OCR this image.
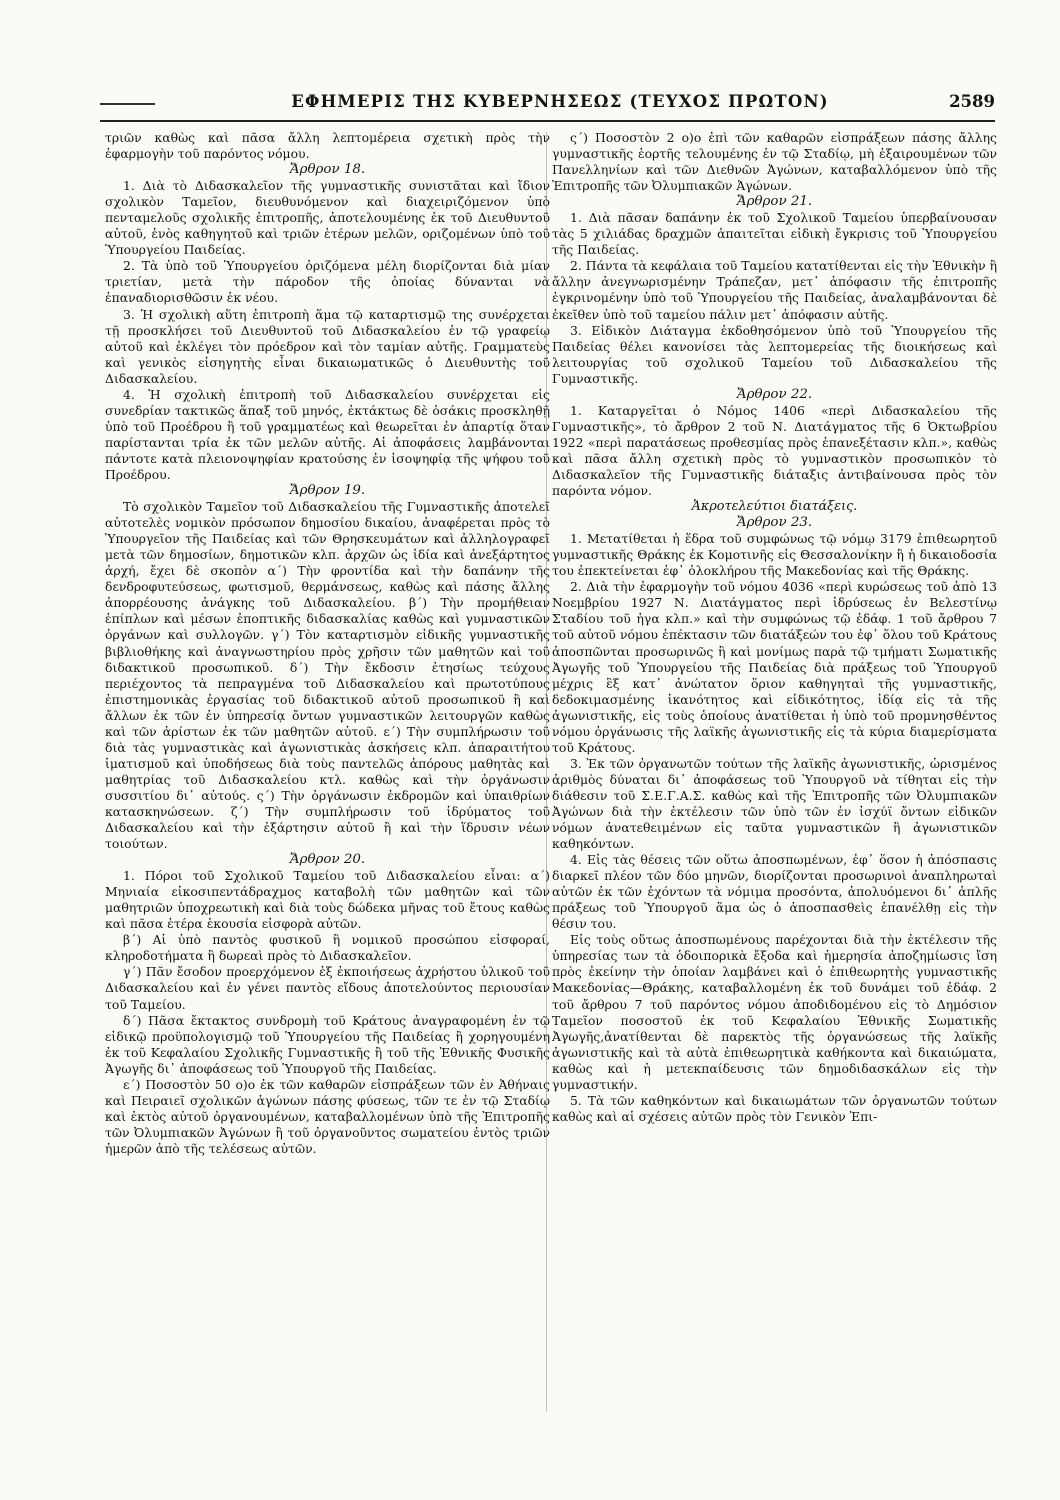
ΕΦΗΜΕΡΙΣ ΤΗΣ ΚΥΒΕΡΝΗΣΕΩΣ (ΤΕΥΧΟΣ ΠΡΩΤΟΝ)	2589

τριῶν καθὼς καὶ πᾶσα ἄλλη λεπτομέρεια σχετικὴ πρὸς τὴν ἐφαρμογὴν τοῦ παρόντος νόμου.

Ἄρθρον 18.

1. Διὰ τὸ Διδασκαλεῖον τῆς γυμναστικῆς συνιστᾶται καὶ ἴδιον σχολικὸν Ταμεῖον, διευθυνόμενον καὶ διαχειριζόμενον ὑπὸ πενταμελοῦς σχολικῆς ἐπιτροπῆς, ἀποτελουμένης ἐκ τοῦ Διευθυντοῦ αὐτοῦ, ἑνὸς καθηγητοῦ καὶ τριῶν ἑτέρων μελῶν, οριζομένων ὑπὸ τοῦ Ὑπουργείου Παιδείας.

2. Τὰ ὑπὸ τοῦ Ὑπουργείου ὁριζόμενα μέλη διορίζονται διὰ μίαν τριετίαν, μετὰ τὴν πάροδον τῆς ὁποίας δύνανται νὰ ἐπαναδιορισθῶσιν ἐκ νέου.

3. Ἡ σχολικὴ αὕτη ἐπιτροπὴ ἅμα τῷ καταρτισμῷ της συνέρχεται τῇ προσκλήσει τοῦ Διευθυντοῦ τοῦ Διδασκαλείου ἐν τῷ γραφείῳ αὐτοῦ καὶ ἐκλέγει τὸν πρόεδρον καὶ τὸν ταμίαν αὐτῆς. Γραμματεὺς καὶ γενικὸς εἰσηγητὴς εἶναι δικαιωματικῶς ὁ Διευθυντὴς τοῦ Διδασκαλείου.

4. Ἡ σχολικὴ ἐπιτροπὴ τοῦ Διδασκαλείου συνέρχεται εἰς συνεδρίαν τακτικῶς ἅπαξ τοῦ μηνός, ἐκτάκτως δὲ ὁσάκις προσκληθῇ ὑπὸ τοῦ Προέδρου ἢ τοῦ γραμματέως καὶ θεωρεῖται ἐν ἀπαρτίᾳ ὅταν παρίστανται τρία ἐκ τῶν μελῶν αὐτῆς. Αἱ ἀποφάσεις λαμβάνονται πάντοτε κατὰ πλειονοψηφίαν κρατούσης ἐν ἰσοψηφίᾳ τῆς ψήφου τοῦ Προέδρου.

Ἄρθρον 19.

Τὸ σχολικὸν Ταμεῖον τοῦ Διδασκαλείου τῆς Γυμναστικῆς ἀποτελεῖ αὐτοτελὲς νομικὸν πρόσωπον δημοσίου δικαίου, ἀναφέρεται πρὸς τὸ Ὑπουργεῖον τῆς Παιδείας καὶ τῶν Θρησκευμάτων καὶ ἀλληλογραφεῖ μετὰ τῶν δημοσίων, δημοτικῶν κλπ. ἀρχῶν ὡς ἰδία καὶ ἀνεξάρτητος ἀρχή, ἔχει δὲ σκοπὸν α΄) Τὴν φροντίδα καὶ τὴν δαπάνην τῆς δενδροφυτεύσεως, φωτισμοῦ, θερμάνσεως, καθὼς καὶ πάσης ἄλλης ἀπορρέουσης ἀνάγκης τοῦ Διδασκαλείου. β΄) Τὴν προμήθειαν ἐπίπλων καὶ μέσων ἐποπτικῆς διδασκαλίας καθὼς καὶ γυμναστικῶν ὀργάνων καὶ συλλογῶν. γ΄) Τὸν καταρτισμὸν εἰδικῆς γυμναστικῆς βιβλιοθήκης καὶ ἀναγνωστηρίου πρὸς χρῆσιν τῶν μαθητῶν καὶ τοῦ διδακτικοῦ προσωπικοῦ. δ΄) Τὴν ἔκδοσιν ἐτησίως τεύχους περιέχοντος τὰ πεπραγμένα τοῦ Διδασκαλείου καὶ πρωτοτύπους ἐπιστημονικὰς ἐργασίας τοῦ διδακτικοῦ αὐτοῦ προσωπικοῦ ἢ καὶ ἄλλων ἐκ τῶν ἐν ὑπηρεσίᾳ ὄντων γυμναστικῶν λειτουργῶν καθὼς καὶ τῶν ἀρίστων ἐκ τῶν μαθητῶν αὐτοῦ. ε΄) Τὴν συμπλήρωσιν τοῦ διὰ τὰς γυμναστικὰς καὶ ἀγωνιστικὰς ἀσκήσεις κλπ. ἀπαραιτήτου ἱματισμοῦ καὶ ὑποδήσεως διὰ τοὺς παντελῶς ἀπόρους μαθητὰς καὶ μαθητρίας τοῦ Διδασκαλείου κτλ. καθὼς καὶ τὴν ὀργάνωσιν συσσιτίου δι᾽ αὐτούς. ς΄) Τὴν ὀργάνωσιν ἐκδρομῶν καὶ ὑπαιθρίων κατασκηνώσεων. ζ΄) Τὴν συμπλήρωσιν τοῦ ἱδρύματος τοῦ Διδασκαλείου καὶ τὴν ἐξάρτησιν αὐτοῦ ἢ καὶ τὴν ἵδρυσιν νέων τοιούτων.

Ἄρθρον 20.

1. Πόροι τοῦ Σχολικοῦ Ταμείου τοῦ Διδασκαλείου εἶναι: α΄) Μηνιαία εἰκοσιπεντάδραχμος καταβολὴ τῶν μαθητῶν καὶ τῶν μαθητριῶν ὑποχρεωτικὴ καὶ διὰ τοὺς δώδεκα μῆνας τοῦ ἔτους καθὼς καὶ πᾶσα ἑτέρα ἑκουσία εἰσφορὰ αὐτῶν.

β΄) Αἱ ὑπὸ παντὸς φυσικοῦ ἢ νομικοῦ προσώπου εἰσφοραί, κληροδοτήματα ἢ δωρεαὶ πρὸς τὸ Διδασκαλεῖον.

γ΄) Πᾶν ἔσοδον προερχόμενον ἐξ ἐκποιήσεως ἀχρήστου ὑλικοῦ τοῦ Διδασκαλείου καὶ ἐν γένει παντὸς εἴδους ἀποτελούντος περιουσίαν τοῦ Ταμείου.

δ΄) Πᾶσα ἔκτακτος συνδρομὴ τοῦ Κράτους ἀναγραφομένη ἐν τῷ εἰδικῷ προϋπολογισμῷ τοῦ Ὑπουργείου τῆς Παιδείας ἢ χορηγουμένη ἐκ τοῦ Κεφαλαίου Σχολικῆς Γυμναστικῆς ἢ τοῦ τῆς Ἐθνικῆς Φυσικῆς Ἀγωγῆς δι᾽ ἀποφάσεως τοῦ Ὑπουργοῦ τῆς Παιδείας.

ε΄) Ποσοστὸν 50 ο)ο ἐκ τῶν καθαρῶν εἰσπράξεων τῶν ἐν Ἀθήναις καὶ Πειραιεῖ σχολικῶν ἀγώνων πάσης φύσεως, τῶν τε ἐν τῷ Σταδίῳ καὶ ἐκτὸς αὐτοῦ ὀργανουμένων, καταβαλλομένων ὑπὸ τῆς Ἐπιτροπῆς τῶν Ὀλυμπιακῶν Ἀγώνων ἢ τοῦ ὀργανοῦντος σωματείου ἐντὸς τριῶν ἡμερῶν ἀπὸ τῆς τελέσεως αὐτῶν.

ς΄) Ποσοστὸν 2 ο)ο ἐπὶ τῶν καθαρῶν εἰσπράξεων πάσης ἄλλης γυμναστικῆς ἑορτῆς τελουμένης ἐν τῷ Σταδίῳ, μὴ ἐξαιρουμένων τῶν Πανελληνίων καὶ τῶν Διεθνῶν Ἀγώνων, καταβαλλόμενον ὑπὸ τῆς Ἐπιτροπῆς τῶν Ὀλυμπιακῶν Ἀγώνων.

Ἄρθρον 21.

1. Διὰ πᾶσαν δαπάνην ἐκ τοῦ Σχολικοῦ Ταμείου ὑπερβαίνουσαν τὰς 5 χιλιάδας δραχμῶν ἀπαιτεῖται εἰδικὴ ἔγκρισις τοῦ Ὑπουργείου τῆς Παιδείας.

2. Πάντα τὰ κεφάλαια τοῦ Ταμείου κατατίθενται εἰς τὴν Ἐθνικὴν ἢ ἄλλην ἀνεγνωρισμένην Τράπεζαν, μετ᾽ ἀπόφασιν τῆς ἐπιτροπῆς ἐγκρινομένην ὑπὸ τοῦ Ὑπουργείου τῆς Παιδείας, ἀναλαμβάνονται δὲ ἐκεῖθεν ὑπὸ τοῦ ταμείου πάλιν μετ᾽ ἀπόφασιν αὐτῆς.

3. Εἰδικὸν Διάταγμα ἐκδοθησόμενον ὑπὸ τοῦ Ὑπουργείου τῆς Παιδείας θέλει κανονίσει τὰς λεπτομερείας τῆς διοικήσεως καὶ λειτουργίας τοῦ σχολικοῦ Ταμείου τοῦ Διδασκαλείου τῆς Γυμναστικῆς.

Ἄρθρον 22.

1. Καταργεῖται ὁ Νόμος 1406 «περὶ Διδασκαλείου τῆς Γυμναστικῆς», τὸ ἄρθρον 2 τοῦ Ν. Διατάγματος τῆς 6 Ὀκτωβρίου 1922 «περὶ παρατάσεως προθεσμίας πρὸς ἐπανεξέτασιν κλπ.», καθὼς καὶ πᾶσα ἄλλη σχετικὴ πρὸς τὸ γυμναστικὸν προσωπικὸν τὸ Διδασκαλεῖον τῆς Γυμναστικῆς διάταξις ἀντιβαίνουσα πρὸς τὸν παρόντα νόμον.

Ἀκροτελεύτιοι διατάξεις.

Ἄρθρον 23.

1. Μετατίθεται ἡ ἕδρα τοῦ συμφώνως τῷ νόμῳ 3179 ἐπιθεωρητοῦ γυμναστικῆς Θράκης ἐκ Κομοτινῆς εἰς Θεσσαλονίκην ἢ ἡ δικαιοδοσία του ἐπεκτείνεται ἐφ᾽ ὁλοκλήρου τῆς Μακεδονίας καὶ τῆς Θράκης.

2. Διὰ τὴν ἐφαρμογὴν τοῦ νόμου 4036 «περὶ κυρώσεως τοῦ ἀπὸ 13 Νοεμβρίου 1927 Ν. Διατάγματος περὶ ἱδρύσεως ἐν Βελεστίνῳ Σταδίου τοῦ ἠγα κλπ.» καὶ τὴν συμφώνως τῷ ἐδάφ. 1 τοῦ ἄρθρου 7 τοῦ αὐτοῦ νόμου ἐπέκτασιν τῶν διατάξεών του ἐφ᾽ ὅλου τοῦ Κράτους ἀποσπῶνται προσωρινῶς ἢ καὶ μονίμως παρὰ τῷ τμήματι Σωματικῆς Ἀγωγῆς τοῦ Ὑπουργείου τῆς Παιδείας διὰ πράξεως τοῦ Ὑπουργοῦ μέχρις ἓξ κατ᾽ ἀνώτατον ὅριον καθηγηταὶ τῆς γυμναστικῆς, δεδοκιμασμένης ἱκανότητος καὶ εἰδικότητος, ἰδίᾳ εἰς τὰ τῆς ἀγωνιστικῆς, εἰς τοὺς ὁποίους ἀνατίθεται ἡ ὑπὸ τοῦ προμνησθέντος νόμου ὀργάνωσις τῆς λαϊκῆς ἀγωνιστικῆς εἰς τὰ κύρια διαμερίσματα τοῦ Κράτους.

3. Ἐκ τῶν ὀργανωτῶν τούτων τῆς λαϊκῆς ἀγωνιστικῆς, ὡρισμένος ἀριθμὸς δύναται δι᾽ ἀποφάσεως τοῦ Ὑπουργοῦ νὰ τίθηται εἰς τὴν διάθεσιν τοῦ Σ.Ε.Γ.Α.Σ. καθὼς καὶ τῆς Ἐπιτροπῆς τῶν Ὀλυμπιακῶν Ἀγώνων διὰ τὴν ἐκτέλεσιν τῶν ὑπὸ τῶν ἐν ἰσχύϊ ὄντων εἰδικῶν νόμων ἀνατεθειμένων εἰς ταῦτα γυμναστικῶν ἢ ἀγωνιστικῶν καθηκόντων.

4. Εἰς τὰς θέσεις τῶν οὕτω ἀποσπωμένων, ἐφ᾽ ὅσον ἡ ἀπόσπασις διαρκεῖ πλέον τῶν δύο μηνῶν, διορίζονται προσωρινοὶ ἀναπληρωταὶ αὐτῶν ἐκ τῶν ἐχόντων τὰ νόμιμα προσόντα, ἀπολυόμενοι δι᾽ ἁπλῆς πράξεως τοῦ Ὑπουργοῦ ἅμα ὡς ὁ ἀποσπασθεὶς ἐπανέλθῃ εἰς τὴν θέσιν του.

Εἰς τοὺς οὕτως ἀποσπωμένους παρέχονται διὰ τὴν ἐκτέλεσιν τῆς ὑπηρεσίας των τὰ ὁδοιπορικὰ ἔξοδα καὶ ἡμερησία ἀποζημίωσις ἴση πρὸς ἐκείνην τὴν ὁποίαν λαμβάνει καὶ ὁ ἐπιθεωρητὴς γυμναστικῆς Μακεδονίας—Θράκης, καταβαλλομένη ἐκ τοῦ δυνάμει τοῦ ἐδάφ. 2 τοῦ ἄρθρου 7 τοῦ παρόντος νόμου ἀποδιδομένου εἰς τὸ Δημόσιον Ταμεῖον ποσοστοῦ ἐκ τοῦ Κεφαλαίου Ἐθνικῆς Σωματικῆς Ἀγωγῆς,ἀνατίθενται δὲ παρεκτὸς τῆς ὀργανώσεως τῆς λαϊκῆς ἀγωνιστικῆς καὶ τὰ αὐτὰ ἐπιθεωρητικὰ καθήκοντα καὶ δικαιώματα, καθὼς καὶ ἡ μετεκπαίδευσις τῶν δημοδιδασκάλων εἰς τὴν γυμναστικήν.

5. Τὰ τῶν καθηκόντων καὶ δικαιωμάτων τῶν ὀργανωτῶν τούτων καθὼς καὶ αἱ σχέσεις αὐτῶν πρὸς τὸν Γενικὸν Ἐπι-
